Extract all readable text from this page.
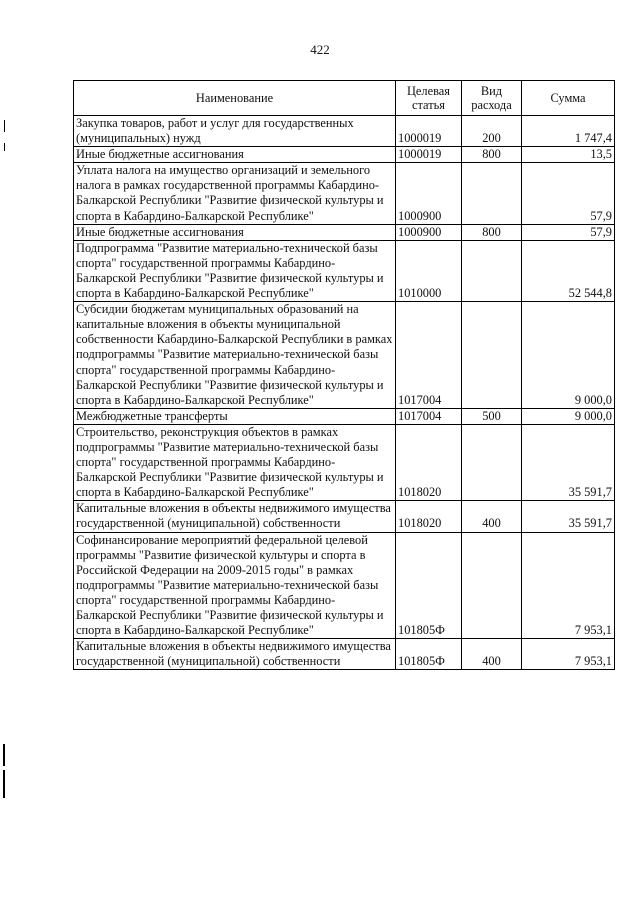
422
Наименование	Целевая статья	Вид расхода	Сумма
Закупка товаров, работ и услуг для государственных (муниципальных) нужд	1000019	200	1 747,4
Иные бюджетные ассигнования	1000019	800	13,5
Уплата налога на имущество организаций и земельного налога в рамках государственной программы Кабардино-Балкарской Республики "Развитие физической культуры и спорта в Кабардино-Балкарской Республике"	1000900		57,9
Иные бюджетные ассигнования	1000900	800	57,9
Подпрограмма "Развитие материально-технической базы спорта" государственной программы Кабардино-Балкарской Республики "Развитие физической культуры и спорта в Кабардино-Балкарской Республике"	1010000		52 544,8
Субсидии бюджетам муниципальных образований на капитальные вложения в объекты муниципальной собственности Кабардино-Балкарской Республики в рамках подпрограммы "Развитие материально-технической базы спорта" государственной программы Кабардино-Балкарской Республики "Развитие физической культуры и спорта в Кабардино-Балкарской Республике"	1017004		9 000,0
Межбюджетные трансферты	1017004	500	9 000,0
Строительство, реконструкция объектов в рамках подпрограммы "Развитие материально-технической базы спорта" государственной программы Кабардино-Балкарской Республики "Развитие физической культуры и спорта в Кабардино-Балкарской Республике"	1018020		35 591,7
Капитальные вложения в объекты недвижимого имущества государственной (муниципальной) собственности	1018020	400	35 591,7
Софинансирование мероприятий федеральной целевой программы "Развитие физической культуры и спорта в Российской Федерации на 2009-2015 годы" в рамках подпрограммы "Развитие материально-технической базы спорта" государственной программы Кабардино-Балкарской Республики "Развитие физической культуры и спорта в Кабардино-Балкарской Республике"	101805Ф		7 953,1
Капитальные вложения в объекты недвижимого имущества государственной (муниципальной) собственности	101805Ф	400	7 953,1
